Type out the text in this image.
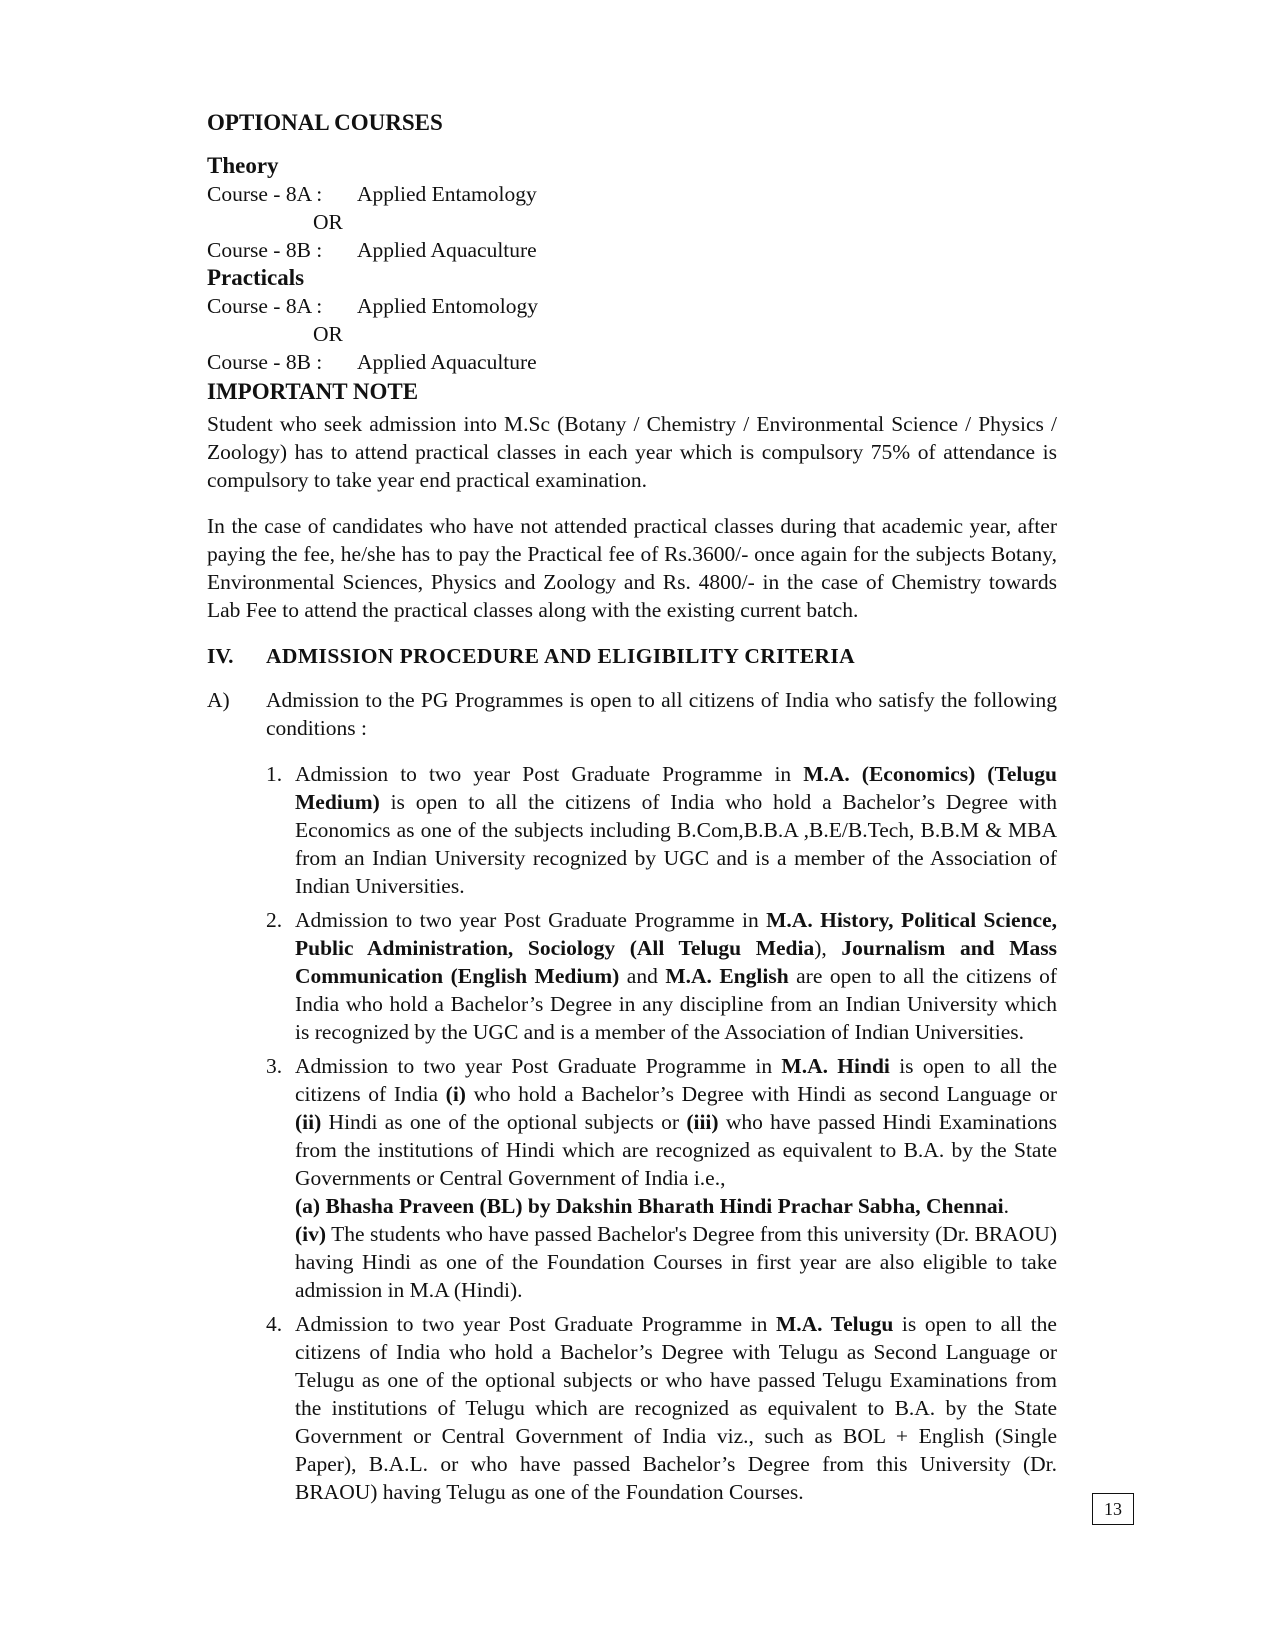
OPTIONAL COURSES
Theory
Course - 8A :	Applied Entamology
OR
Course - 8B :	Applied Aquaculture
Practicals
Course - 8A :	Applied Entomology
OR
Course - 8B :	Applied Aquaculture
IMPORTANT NOTE

Student who seek admission into M.Sc (Botany / Chemistry / Environmental Science / Physics / Zoology) has to attend practical classes in each year which is compulsory 75% of attendance is compulsory to take year end practical examination.

In the case of candidates who have not attended practical classes during that academic year, after paying the fee, he/she has to pay the Practical fee of Rs.3600/- once again for the subjects Botany, Environmental Sciences, Physics and Zoology and Rs. 4800/- in the case of Chemistry towards Lab Fee to attend the practical classes along with the existing current batch.

IV.	ADMISSION PROCEDURE AND ELIGIBILITY CRITERIA
A)	Admission to the PG Programmes is open to all citizens of India who satisfy the following conditions :
1. Admission to two year Post Graduate Programme in M.A. (Economics) (Telugu Medium) is open to all the citizens of India who hold a Bachelor’s Degree with Economics as one of the subjects including B.Com,B.B.A ,B.E/B.Tech, B.B.M & MBA from an Indian University recognized by UGC and is a member of the Association of Indian Universities.
2. Admission to two year Post Graduate Programme in M.A. History, Political Science, Public Administration, Sociology (All Telugu Media), Journalism and Mass Communication (English Medium) and M.A. English are open to all the citizens of India who hold a Bachelor’s Degree in any discipline from an Indian University which is recognized by the UGC and is a member of the Association of Indian Universities.
3. Admission to two year Post Graduate Programme in M.A. Hindi is open to all the citizens of India (i) who hold a Bachelor’s Degree with Hindi as second Language or (ii) Hindi as one of the optional subjects or (iii) who have passed Hindi Examinations from the institutions of Hindi which are recognized as equivalent to B.A. by the State Governments or Central Government of India i.e.,
(a) Bhasha Praveen (BL) by Dakshin Bharath Hindi Prachar Sabha, Chennai.
(iv) The students who have passed Bachelor's Degree from this university (Dr. BRAOU) having Hindi as one of the Foundation Courses in first year are also eligible to take admission in M.A (Hindi).
4. Admission to two year Post Graduate Programme in M.A. Telugu is open to all the citizens of India who hold a Bachelor’s Degree with Telugu as Second Language or Telugu as one of the optional subjects or who have passed Telugu Examinations from the institutions of Telugu which are recognized as equivalent to B.A. by the State Government or Central Government of India viz., such as BOL + English (Single Paper), B.A.L. or who have passed Bachelor’s Degree from this University (Dr. BRAOU) having Telugu as one of the Foundation Courses.
13
